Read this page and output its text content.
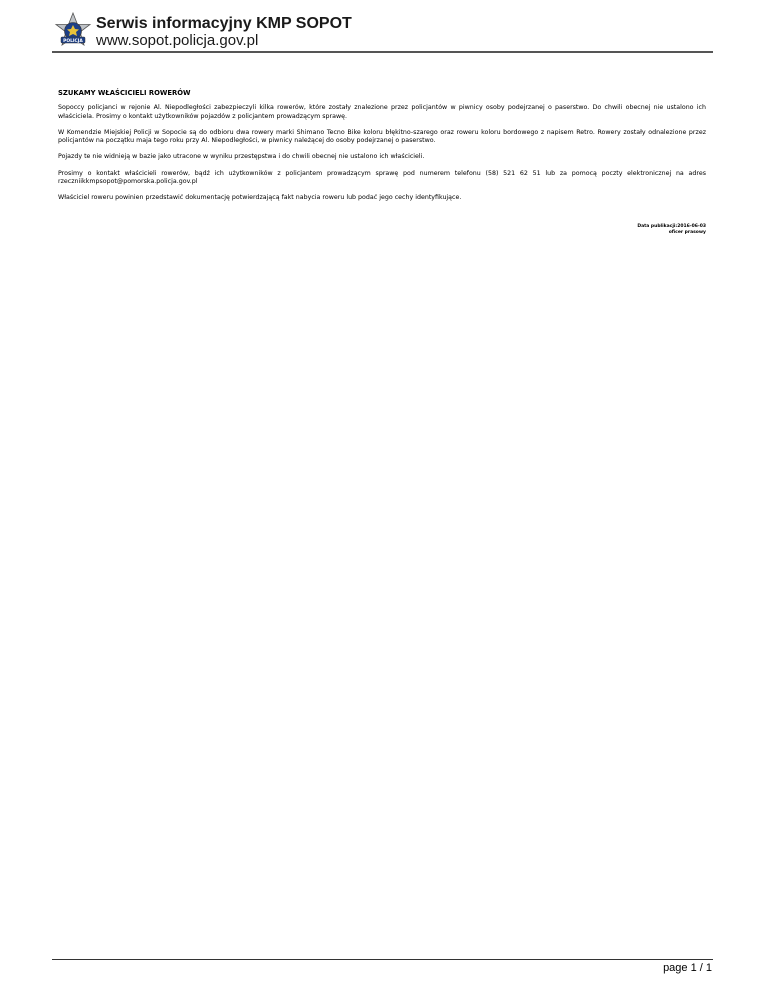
POLICJA
Serwis informacyjny KMP SOPOT
www.sopot.policja.gov.pl
SZUKAMY WŁAŚCICIELI ROWERÓW

Sopoccy policjanci w rejonie Al. Niepodległości zabezpieczyli kilka rowerów, które zostały znalezione przez policjantów w piwnicy osoby podejrzanej o paserstwo. Do chwili obecnej nie ustalono ich właściciela. Prosimy o kontakt użytkowników pojazdów z policjantem prowadzącym sprawę.

W Komendzie Miejskiej Policji w Sopocie są do odbioru dwa rowery marki Shimano Tecno Bike koloru błękitno-szarego oraz roweru koloru bordowego z napisem Retro. Rowery zostały odnalezione przez policjantów na początku maja tego roku przy Al. Niepodległości, w piwnicy należącej do osoby podejrzanej o paserstwo.

Pojazdy te nie widnieją w bazie jako utracone w wyniku przestępstwa i do chwili obecnej nie ustalono ich właścicieli.

Prosimy o kontakt właścicieli rowerów, bądź ich użytkowników z policjantem prowadzącym sprawę pod numerem telefonu (58) 521 62 51 lub za pomocą poczty elektronicznej na adres rzeczniikkmpsopot@pomorska.policja.gov.pl

Właściciel roweru powinien przedstawić dokumentację potwierdzającą fakt nabycia roweru lub podać jego cechy identyfikujące.

Data publikacji:2016-06-03
oficer prasowy
page 1 / 1
